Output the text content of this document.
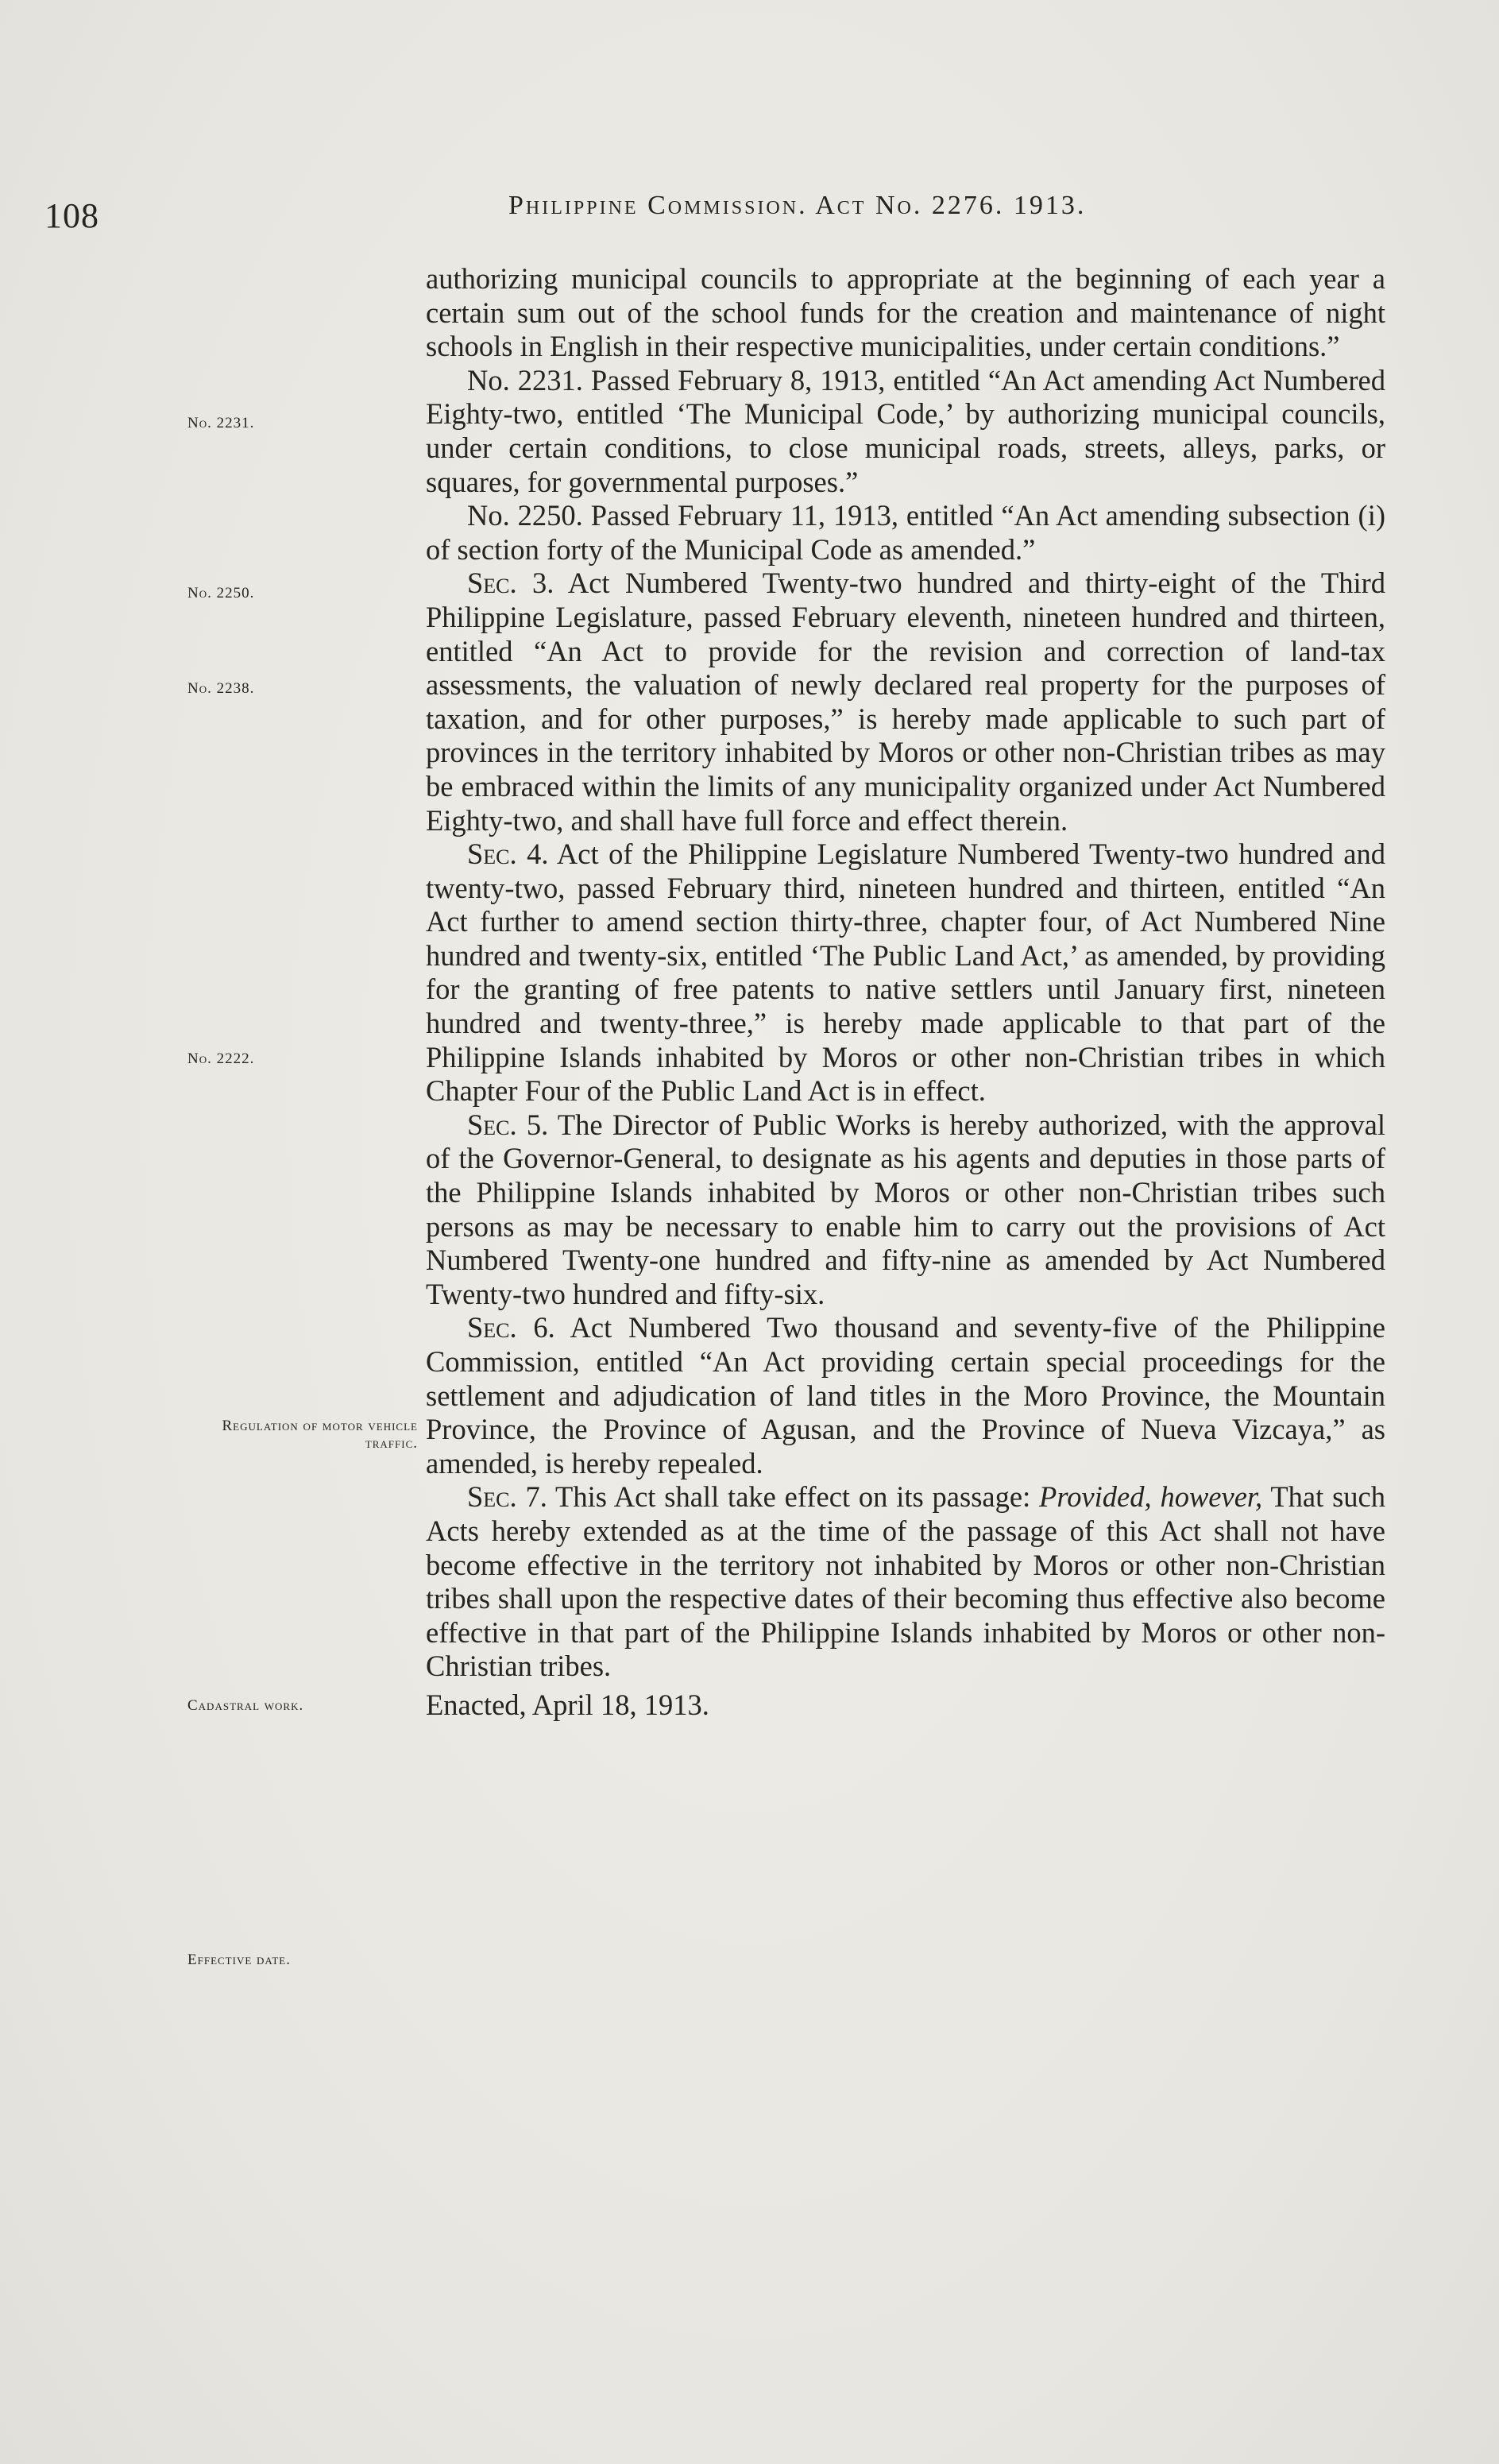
108	Philippine Commission. Act No. 2276. 1913.
No. 2231.
No. 2250.
No. 2238.
No. 2222.
Regulation of motor vehicle traffic.
Cadastral work.
Effective date.

authorizing municipal councils to appropriate at the beginning of each year a certain sum out of the school funds for the creation and maintenance of night schools in English in their respective municipalities, under certain conditions.”

No. 2231. Passed February 8, 1913, entitled “An Act amending Act Numbered Eighty-two, entitled ‘The Municipal Code,’ by authorizing municipal councils, under certain conditions, to close municipal roads, streets, alleys, parks, or squares, for governmental purposes.”

No. 2250. Passed February 11, 1913, entitled “An Act amending subsection (i) of section forty of the Municipal Code as amended.”

Sec. 3. Act Numbered Twenty-two hundred and thirty-eight of the Third Philippine Legislature, passed February eleventh, nineteen hundred and thirteen, entitled “An Act to provide for the revision and correction of land-tax assessments, the valuation of newly declared real property for the purposes of taxation, and for other purposes,” is hereby made applicable to such part of provinces in the territory inhabited by Moros or other non-Christian tribes as may be embraced within the limits of any municipality organized under Act Numbered Eighty-two, and shall have full force and effect therein.

Sec. 4. Act of the Philippine Legislature Numbered Twenty-two hundred and twenty-two, passed February third, nineteen hundred and thirteen, entitled “An Act further to amend section thirty-three, chapter four, of Act Numbered Nine hundred and twenty-six, entitled ‘The Public Land Act,’ as amended, by providing for the granting of free patents to native settlers until January first, nineteen hundred and twenty-three,” is hereby made applicable to that part of the Philippine Islands inhabited by Moros or other non-Christian tribes in which Chapter Four of the Public Land Act is in effect.

Sec. 5. The Director of Public Works is hereby authorized, with the approval of the Governor-General, to designate as his agents and deputies in those parts of the Philippine Islands inhabited by Moros or other non-Christian tribes such persons as may be necessary to enable him to carry out the provisions of Act Numbered Twenty-one hundred and fifty-nine as amended by Act Numbered Twenty-two hundred and fifty-six.

Sec. 6. Act Numbered Two thousand and seventy-five of the Philippine Commission, entitled “An Act providing certain special proceedings for the settlement and adjudication of land titles in the Moro Province, the Mountain Province, the Province of Agusan, and the Province of Nueva Vizcaya,” as amended, is hereby repealed.

Sec. 7. This Act shall take effect on its passage: Provided, however, That such Acts hereby extended as at the time of the passage of this Act shall not have become effective in the territory not inhabited by Moros or other non-Christian tribes shall upon the respective dates of their becoming thus effective also become effective in that part of the Philippine Islands inhabited by Moros or other non-Christian tribes.

Enacted, April 18, 1913.
